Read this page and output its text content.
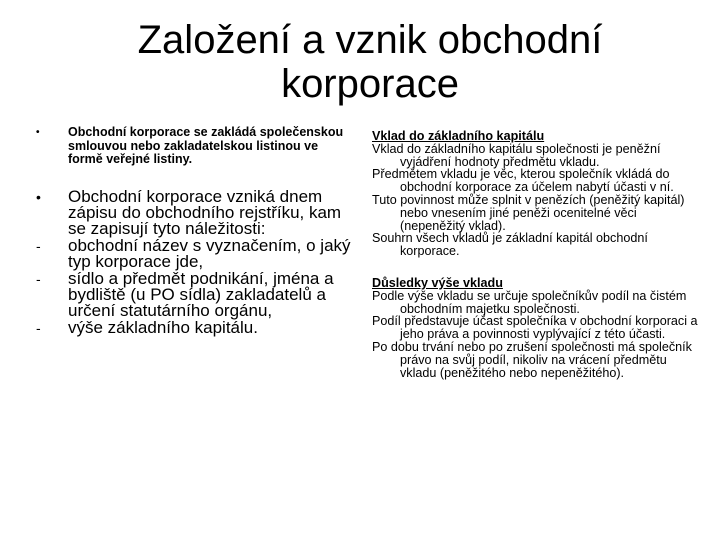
Založení a vznik obchodní
korporace
•	Obchodní korporace se zakládá společenskou smlouvou nebo zakladatelskou listinou ve formě veřejné listiny.
•	Obchodní korporace vzniká dnem zápisu do obchodního rejstříku, kam se zapisují tyto náležitosti:
-	obchodní název s vyznačením, o jaký typ korporace jde,
-	sídlo a předmět podnikání, jména a bydliště (u PO sídla) zakladatelů a určení statutárního orgánu,
-	výše základního kapitálu.
Vklad do základního kapitálu
Vklad do základního kapitálu společnosti je peněžní vyjádření hodnoty předmětu vkladu.
Předmětem vkladu je věc, kterou společník vkládá do obchodní korporace za účelem nabytí účasti v ní.
Tuto povinnost může splnit v penězích (peněžitý kapitál) nebo vnesením jiné peněži ocenitelné věci (nepeněžitý vklad).
Souhrn všech vkladů je základní kapitál obchodní korporace.
Důsledky výše vkladu
Podle výše vkladu se určuje společníkův podíl na čistém obchodním majetku společnosti.
Podíl představuje účast společníka v obchodní korporaci a jeho práva a povinnosti vyplývající z této účasti.
Po dobu trvání nebo po zrušení společnosti má společník právo na svůj podíl, nikoliv na vrácení předmětu vkladu (peněžitého nebo nepeněžitého).
